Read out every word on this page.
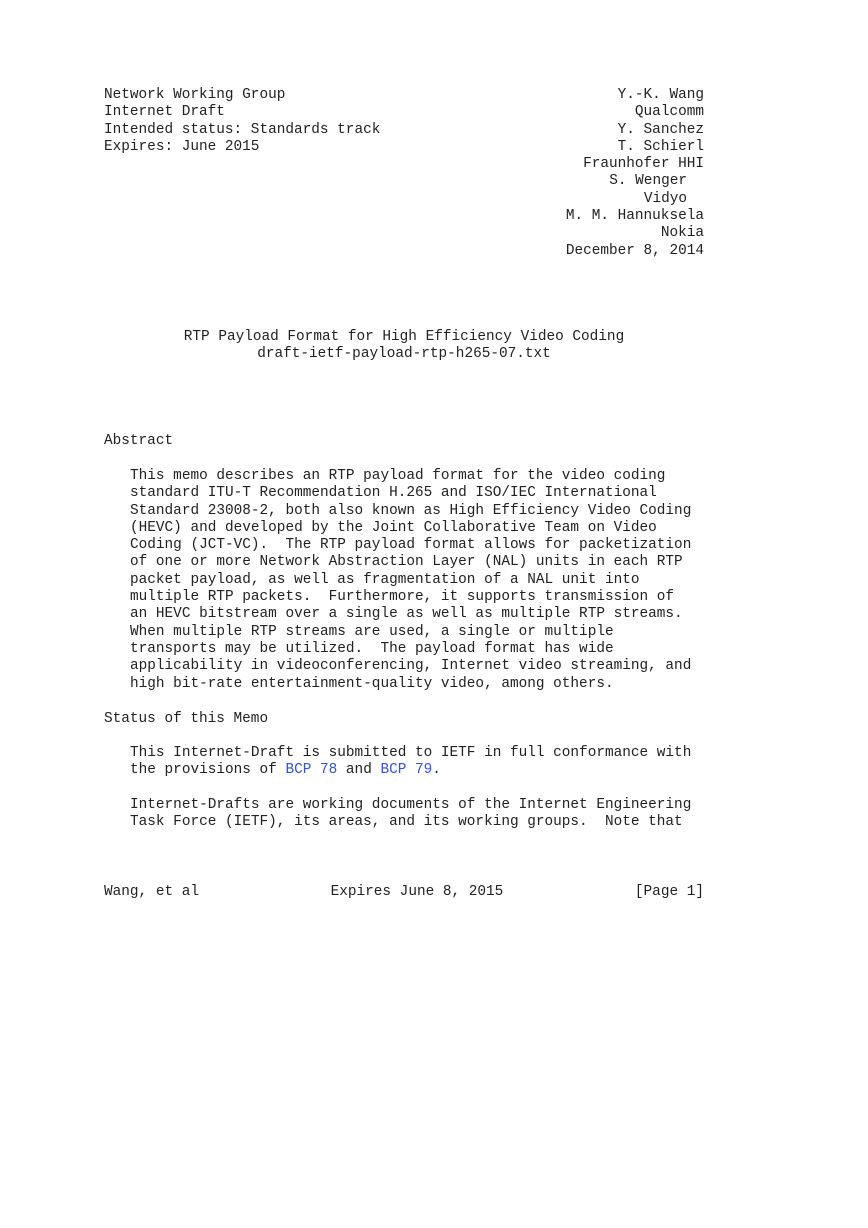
Network Working Group	Y.-K. Wang
Internet Draft	Qualcomm
Intended status: Standards track	Y. Sanchez
Expires: June 2015	T. Schierl
Fraunhofer HHI
S. Wenger
Vidyo
M. M. Hannuksela
Nokia
December 8, 2014
RTP Payload Format for High Efficiency Video Coding
draft-ietf-payload-rtp-h265-07.txt
Abstract
This memo describes an RTP payload format for the video coding
standard ITU-T Recommendation H.265 and ISO/IEC International
Standard 23008-2, both also known as High Efficiency Video Coding
(HEVC) and developed by the Joint Collaborative Team on Video
Coding (JCT-VC).  The RTP payload format allows for packetization
of one or more Network Abstraction Layer (NAL) units in each RTP
packet payload, as well as fragmentation of a NAL unit into
multiple RTP packets.  Furthermore, it supports transmission of
an HEVC bitstream over a single as well as multiple RTP streams.
When multiple RTP streams are used, a single or multiple
transports may be utilized.  The payload format has wide
applicability in videoconferencing, Internet video streaming, and
high bit-rate entertainment-quality video, among others.
Status of this Memo
This Internet-Draft is submitted to IETF in full conformance with
the provisions of BCP 78 and BCP 79.
Internet-Drafts are working documents of the Internet Engineering
Task Force (IETF), its areas, and its working groups.  Note that
Wang, et al	Expires June 8, 2015	[Page 1]
